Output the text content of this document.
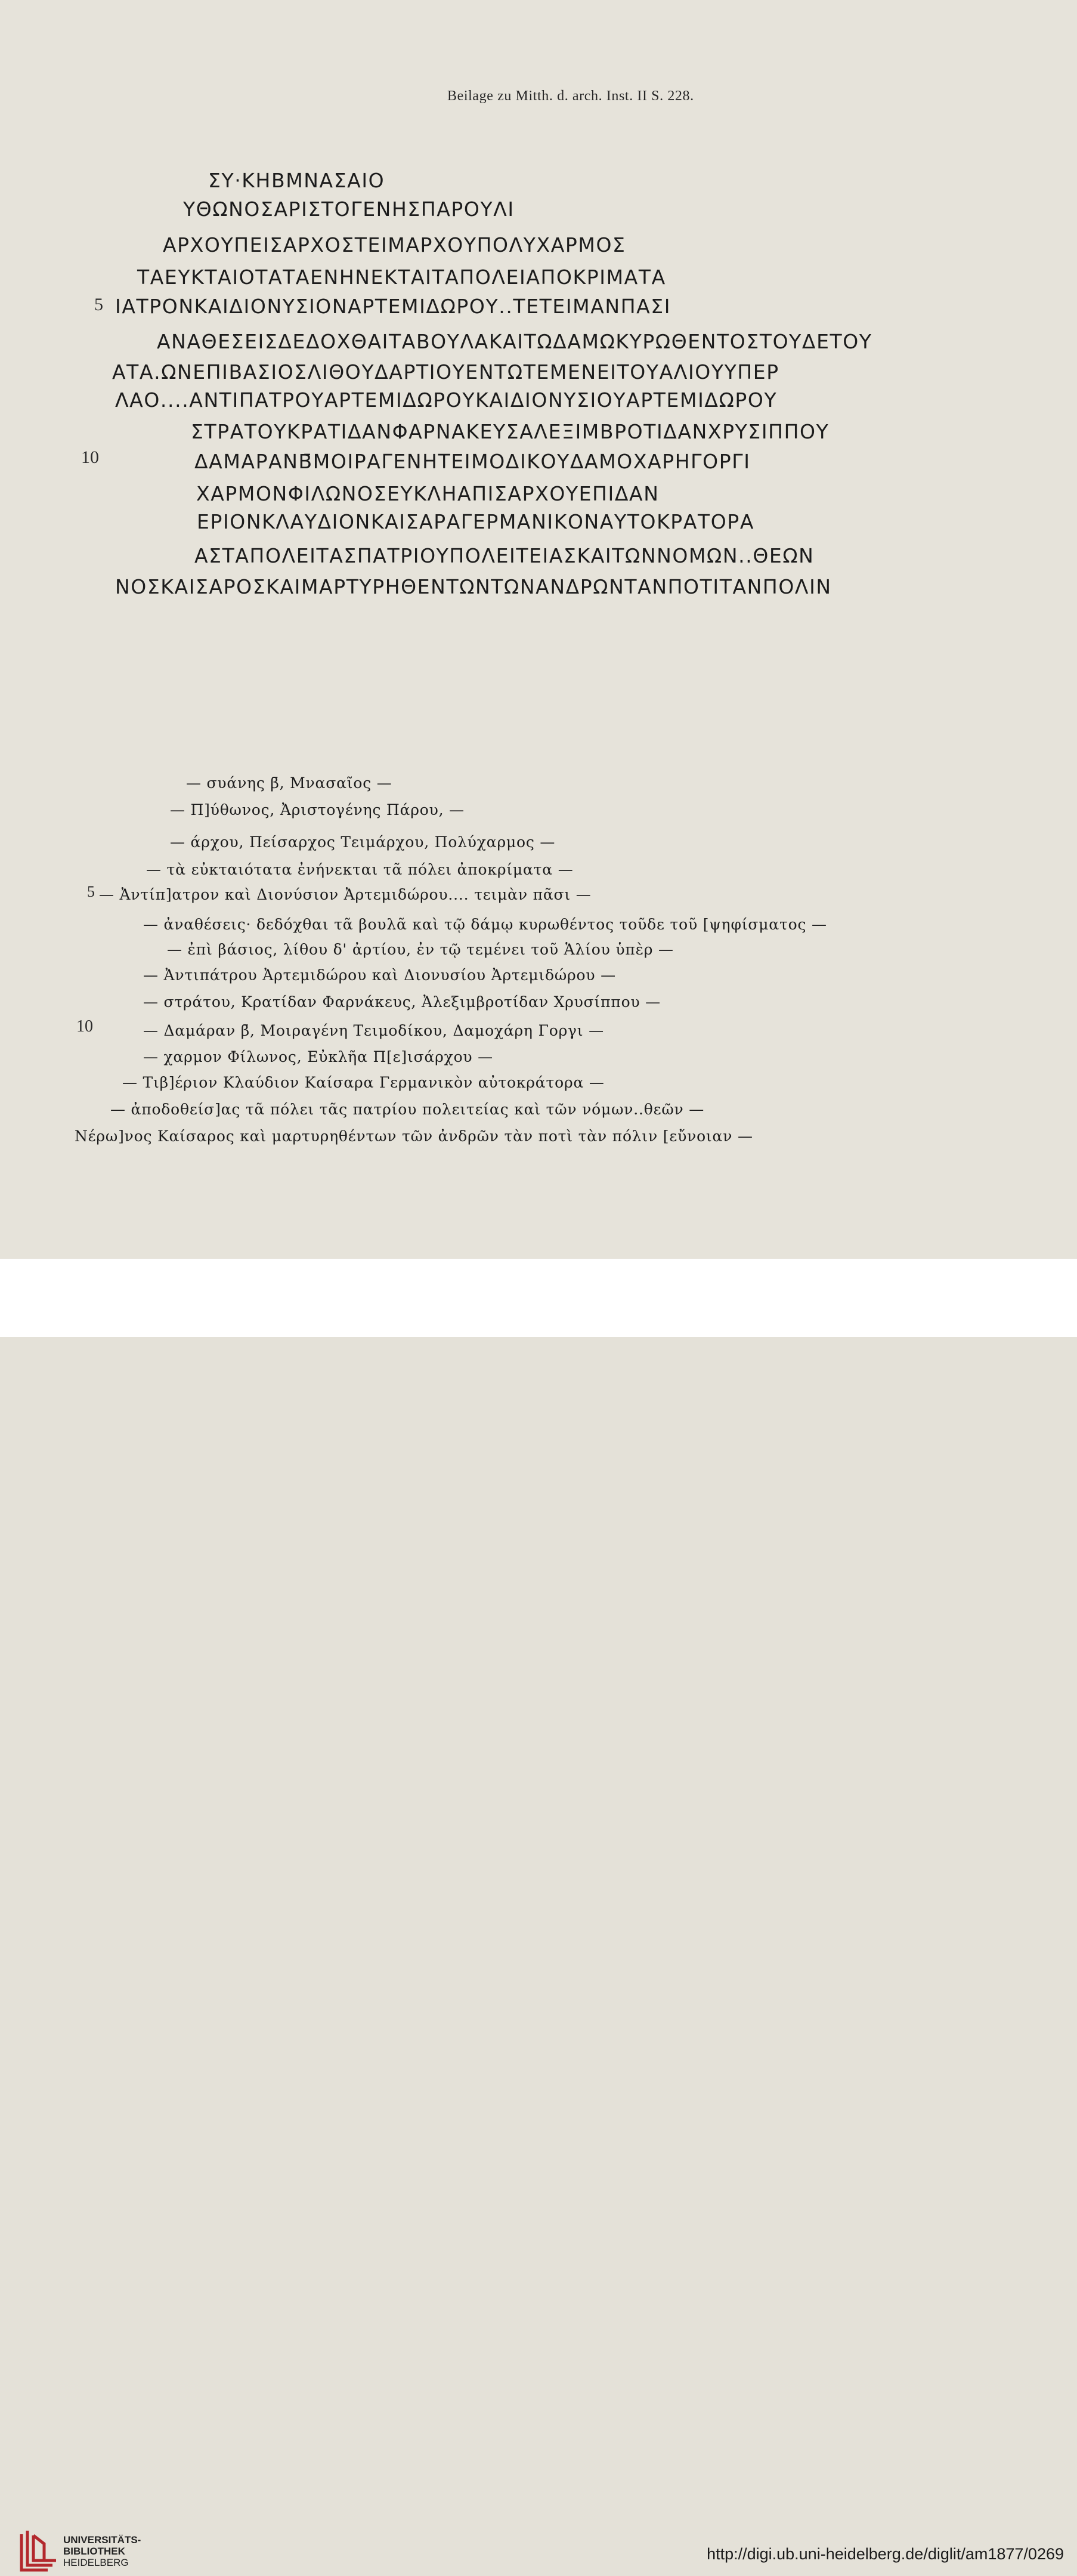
Beilage zu Mitth. d. arch. Inst. II S. 228.
ΣΥ·ΚΗΒΜΝΑΣΑΙΟ
ΥΘΩΝΟΣΑΡΙΣΤΟΓΕΝΗΣΠΑΡΟΥΛΙ
ΑΡΧΟΥΠΕΙΣΑΡΧΟΣΤΕΙΜΑΡΧΟΥΠΟΛΥΧΑΡΜΟΣ
ΤΑΕΥΚΤΑΙΟΤΑΤΑΕΝΗΝΕΚΤΑΙΤΑΠΟΛΕΙΑΠΟΚΡΙΜΑΤΑ
5 ΙΑΤΡΟΝΚΑΙΔΙΟΝΥΣΙΟΝΑΡΤΕΜΙΔΩΡΟΥ..ΤΕΤΕΙΜΑΝΠΑΣΙ
ΑΝΑΘΕΣΕΙΣΔΕΔΟΧΘΑΙΤΑΒΟΥΛΑΚΑΙΤΩΔΑΜΩΚΥΡΩΘΕΝΤΟΣΤΟΥΔΕΤΟΥ
ΑΤΑ.ΩΝΕΠΙΒΑΣΙΟΣΛΙΘΟΥΔΑΡΤΙΟΥΕΝΤΩΤΕΜΕΝΕΙΤΟΥΑΛΙΟΥΥΠΕΡ
ΛΑΟ....ΑΝΤΙΠΑΤΡΟΥΑΡΤΕΜΙΔΩΡΟΥΚΑΙΔΙΟΝΥΣΙΟΥΑΡΤΕΜΙΔΩΡΟΥ
ΣΤΡΑΤΟΥΚΡΑΤΙΔΑΝΦΑΡΝΑΚΕΥΣΑΛΕΞΙΜΒΡΟΤΙΔΑΝΧΡΥΣΙΠΠΟΥ
10	ΔΑΜΑΡΑΝΒ̄ΜΟΙΡΑΓΕΝΗΤΕΙΜΟΔΙΚΟΥΔΑΜΟΧΑΡΗΓΟΡΓΙ
ΧΑΡΜΟΝΦΙΛΩΝΟΣΕΥΚΛΗΑΠΙΣΑΡΧΟΥΕΠΙΔΑΝ
ΕΡΙΟΝΚΛΑΥΔΙΟΝΚΑΙΣΑΡΑΓΕΡΜΑΝΙΚΟΝΑΥΤΟΚΡΑΤΟΡΑ
ΑΣΤΑΠΟΛΕΙΤΑΣΠΑΤΡΙΟΥΠΟΛΕΙΤΕΙΑΣΚΑΙΤΩΝΝΟΜΩΝ..ΘΕΩΝ
ΝΟΣΚΑΙΣΑΡΟΣΚΑΙΜΑΡΤΥΡΗΘΕΝΤΩΝΤΩΝΑΝΔΡΩΝΤΑΝΠΟΤΙΤΑΝΠΟΛΙΝ
— συάνης β̄, Μνασαῖος —
— Π]ύθωνος, Ἀριστογένης Πάρου, —
— άρχου, Πείσαρχος Τειμάρχου, Πολύχαρμος —
— τὰ εὐκταιότατα ἐνήνεκται τᾶ πόλει ἀποκρίματα —
5 — Ἀντίπ]ατρον καὶ Διονύσιον Ἀρτεμιδώρου.... τειμὰν πᾶσι —
— ἀναθέσεις· δεδόχθαι τᾶ βουλᾶ καὶ τῷ δάμῳ κυρωθέντος τοῦδε τοῦ [ψηφίσματος —
— ἐπὶ βάσιος, λίθου δ' ἀρτίου, ἐν τῷ τεμένει τοῦ Ἁλίου ὑπὲρ —
— Ἀντιπάτρου Ἀρτεμιδώρου καὶ Διονυσίου Ἀρτεμιδώρου —
— στράτου, Κρατίδαν Φαρνάκευς, Ἀλεξιμβροτίδαν Χρυσίππου —
10	— Δαμάραν β̄, Μοιραγένη Τειμοδίκου, Δαμοχάρη Γοργι —
— χαρμον Φίλωνος, Εὐκλῆα Π[ε]ισάρχου —
— Τιβ]έριον Κλαύδιον Καίσαρα Γερμανικὸν αὐτοκράτορα —
— ἀποδοθείσ]ας τᾶ πόλει τᾶς πατρίου πολειτείας καὶ τῶν νόμων..θεῶν —
Νέρω]νος Καίσαρος καὶ μαρτυρηθέντων τῶν ἀνδρῶν τὰν ποτὶ τὰν πόλιν [εὔνοιαν —
UNIVERSITÄTS-
BIBLIOTHEK
HEIDELBERG	http://digi.ub.uni-heidelberg.de/diglit/am1877/0269
